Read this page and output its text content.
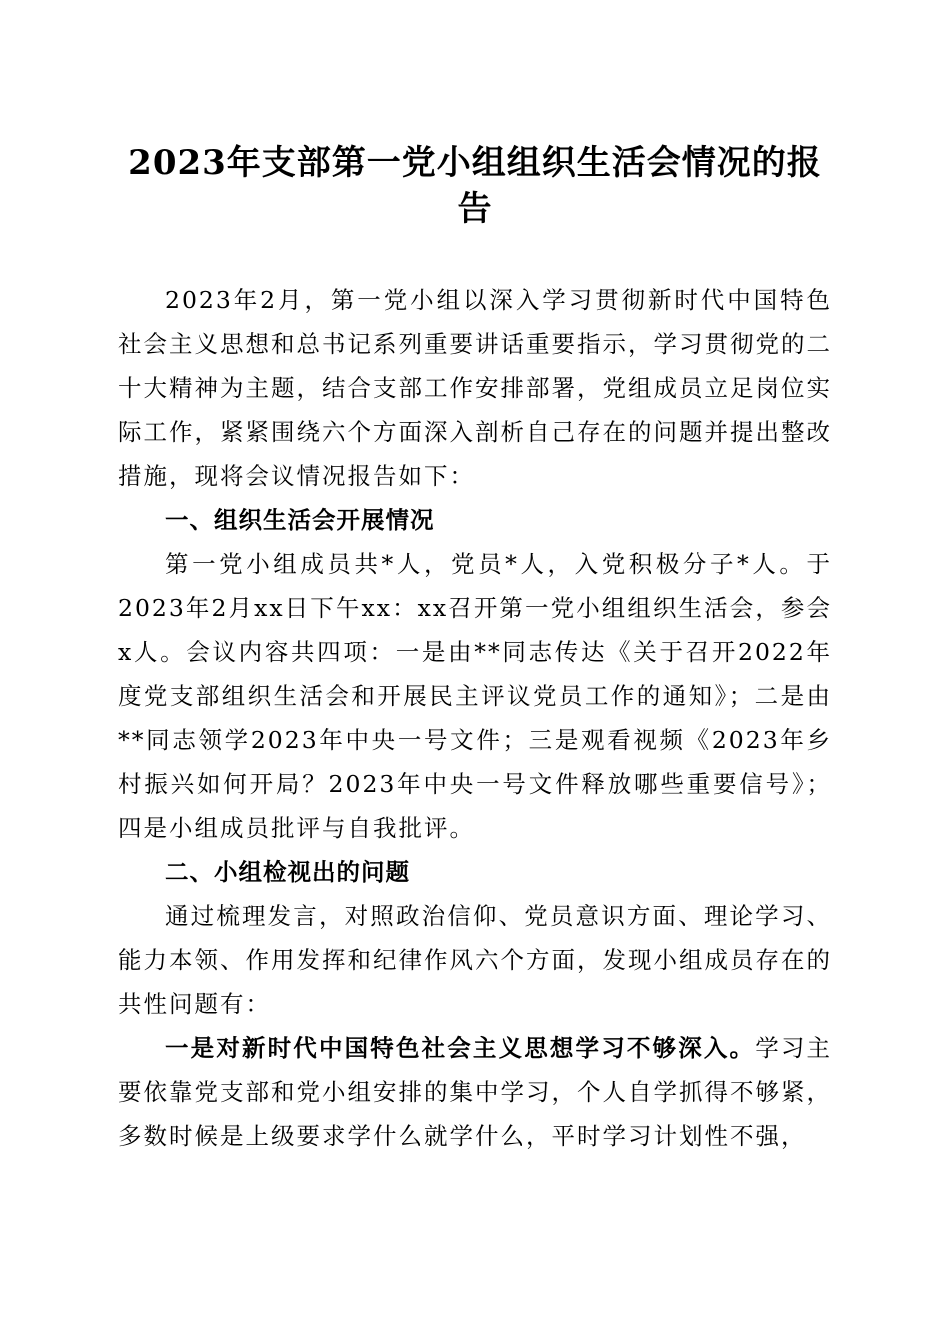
2023年支部第一党小组组织生活会情况的报
告

2023年2月，第一党小组以深入学习贯彻新时代中国特色社会主义思想和总书记系列重要讲话重要指示，学习贯彻党的二十大精神为主题，结合支部工作安排部署，党组成员立足岗位实际工作，紧紧围绕六个方面深入剖析自己存在的问题并提出整改措施，现将会议情况报告如下：

一、组织生活会开展情况

第一党小组成员共*人，党员*人，入党积极分子*人。于2023年2月xx日下午xx：xx召开第一党小组组织生活会，参会x人。会议内容共四项：一是由**同志传达《关于召开2022年度党支部组织生活会和开展民主评议党员工作的通知》；二是由**同志领学2023年中央一号文件；三是观看视频《2023年乡村振兴如何开局？2023年中央一号文件释放哪些重要信号》；四是小组成员批评与自我批评。

二、小组检视出的问题

通过梳理发言，对照政治信仰、党员意识方面、理论学习、能力本领、作用发挥和纪律作风六个方面，发现小组成员存在的共性问题有：

一是对新时代中国特色社会主义思想学习不够深入。学习主要依靠党支部和党小组安排的集中学习，个人自学抓得不够紧，多数时候是上级要求学什么就学什么，平时学习计划性不强，
